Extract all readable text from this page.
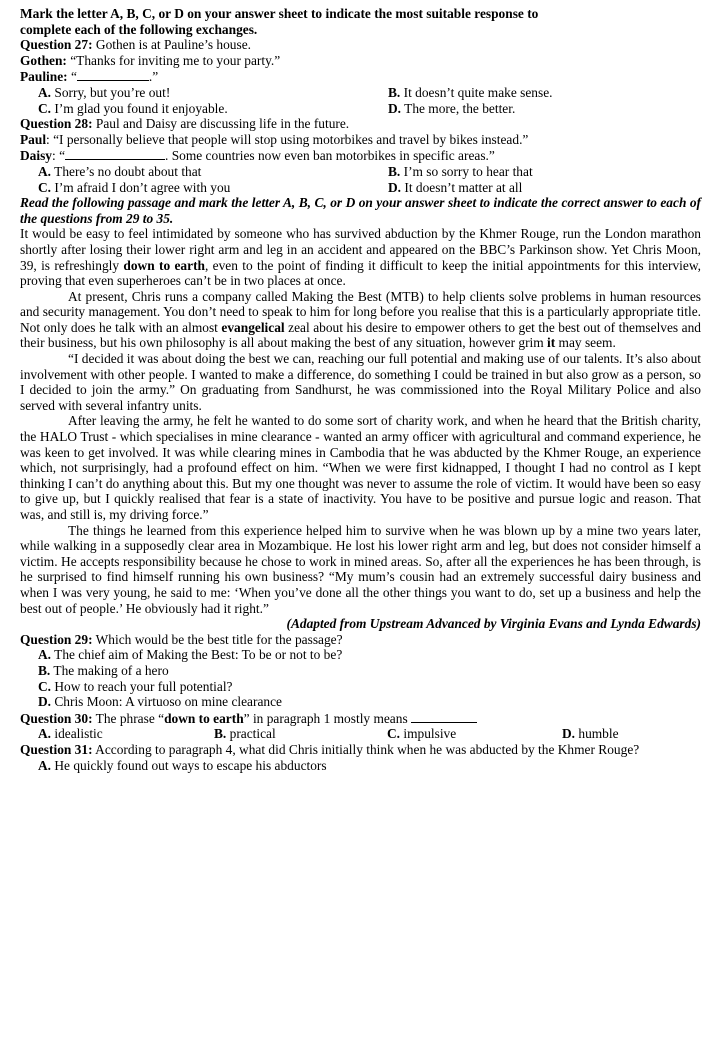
Mark the letter A, B, C, or D on your answer sheet to indicate the most suitable response to
complete each of the following exchanges.
Question 27: Gothen is at Pauline’s house.
Gothen: “Thanks for inviting me to your party.”
Pauline: “	.”
A. Sorry, but you’re out!	B. It doesn’t quite make sense.
C. I’m glad you found it enjoyable.	D. The more, the better.
Question 28: Paul and Daisy are discussing life in the future.
Paul: “I personally believe that people will stop using motorbikes and travel by bikes instead.”
Daisy: “	. Some countries now even ban motorbikes in specific areas.”
A. There’s no doubt about that	B. I’m so sorry to hear that
C. I’m afraid I don’t agree with you	D. It doesn’t matter at all

Read the following passage and mark the letter A, B, C, or D on your answer sheet to indicate the correct answer to each of the questions from 29 to 35.

It would be easy to feel intimidated by someone who has survived abduction by the Khmer Rouge, run the London marathon shortly after losing their lower right arm and leg in an accident and appeared on the BBC’s Parkinson show. Yet Chris Moon, 39, is refreshingly down to earth, even to the point of finding it difficult to keep the initial appointments for this interview, proving that even superheroes can’t be in two places at once.

At present, Chris runs a company called Making the Best (MTB) to help clients solve problems in human resources and security management. You don’t need to speak to him for long before you realise that this is a particularly appropriate title. Not only does he talk with an almost evangelical zeal about his desire to empower others to get the best out of themselves and their business, but his own philosophy is all about making the best of any situation, however grim it may seem.

“I decided it was about doing the best we can, reaching our full potential and making use of our talents. It’s also about involvement with other people. I wanted to make a difference, do something I could be trained in but also grow as a person, so I decided to join the army.” On graduating from Sandhurst, he was commissioned into the Royal Military Police and also served with several infantry units.

After leaving the army, he felt he wanted to do some sort of charity work, and when he heard that the British charity, the HALO Trust - which specialises in mine clearance - wanted an army officer with agricultural and command experience, he was keen to get involved. It was while clearing mines in Cambodia that he was abducted by the Khmer Rouge, an experience which, not surprisingly, had a profound effect on him. “When we were first kidnapped, I thought I had no control as I kept thinking I can’t do anything about this. But my one thought was never to assume the role of victim. It would have been so easy to give up, but I quickly realised that fear is a state of inactivity. You have to be positive and pursue logic and reason. That was, and still is, my driving force.”

The things he learned from this experience helped him to survive when he was blown up by a mine two years later, while walking in a supposedly clear area in Mozambique. He lost his lower right arm and leg, but does not consider himself a victim. He accepts responsibility because he chose to work in mined areas. So, after all the experiences he has been through, is he surprised to find himself running his own business? “My mum’s cousin had an extremely successful dairy business and when I was very young, he said to me: ‘When you’ve done all the other things you want to do, set up a business and help the best out of people.’ He obviously had it right.”

(Adapted from Upstream Advanced by Virginia Evans and Lynda Edwards)
Question 29: Which would be the best title for the passage?
A. The chief aim of Making the Best: To be or not to be?
B. The making of a hero
C. How to reach your full potential?
D. Chris Moon: A virtuoso on mine clearance
Question 30: The phrase “down to earth” in paragraph 1 mostly means
A. idealistic	B. practical	C. impulsive	D. humble

Question 31: According to paragraph 4, what did Chris initially think when he was abducted by the Khmer Rouge?

A. He quickly found out ways to escape his abductors
